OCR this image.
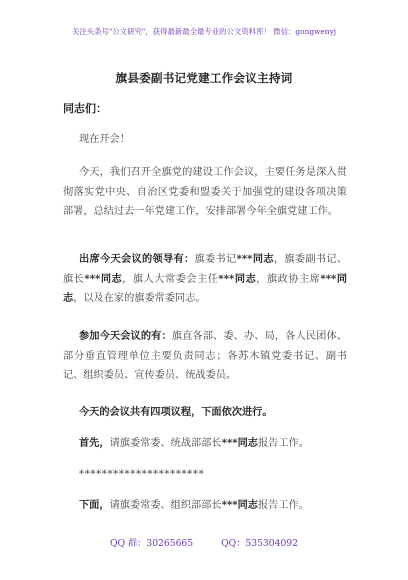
关注头条号"公文研究"，获得最新最全最专业的公文资料库！ 微信：gongwenyj
旗县委副书记党建工作会议主持词
同志们：
现在开会！
今天，我们召开全旗党的建设工作会议，主要任务是深入贯彻落实党中央、自治区党委和盟委关于加强党的建设各项决策部署，总结过去一年党建工作，安排部署今年全旗党建工作。
出席今天会议的领导有：旗委书记***同志，旗委副书记、旗长***同志，旗人大常委会主任***同志，旗政协主席***同志，以及在家的旗委常委同志。
参加今天会议的有：旗直各部、委、办、局，各人民团体、部分垂直管理单位主要负责同志；各苏木镇党委书记、副书记、组织委员、宣传委员、统战委员。
今天的会议共有四项议程，下面依次进行。
首先，请旗委常委、统战部部长***同志报告工作。
**********************
下面，请旗委常委、组织部部长***同志报告工作。
QQ 群：30265665	QQ：535304092
